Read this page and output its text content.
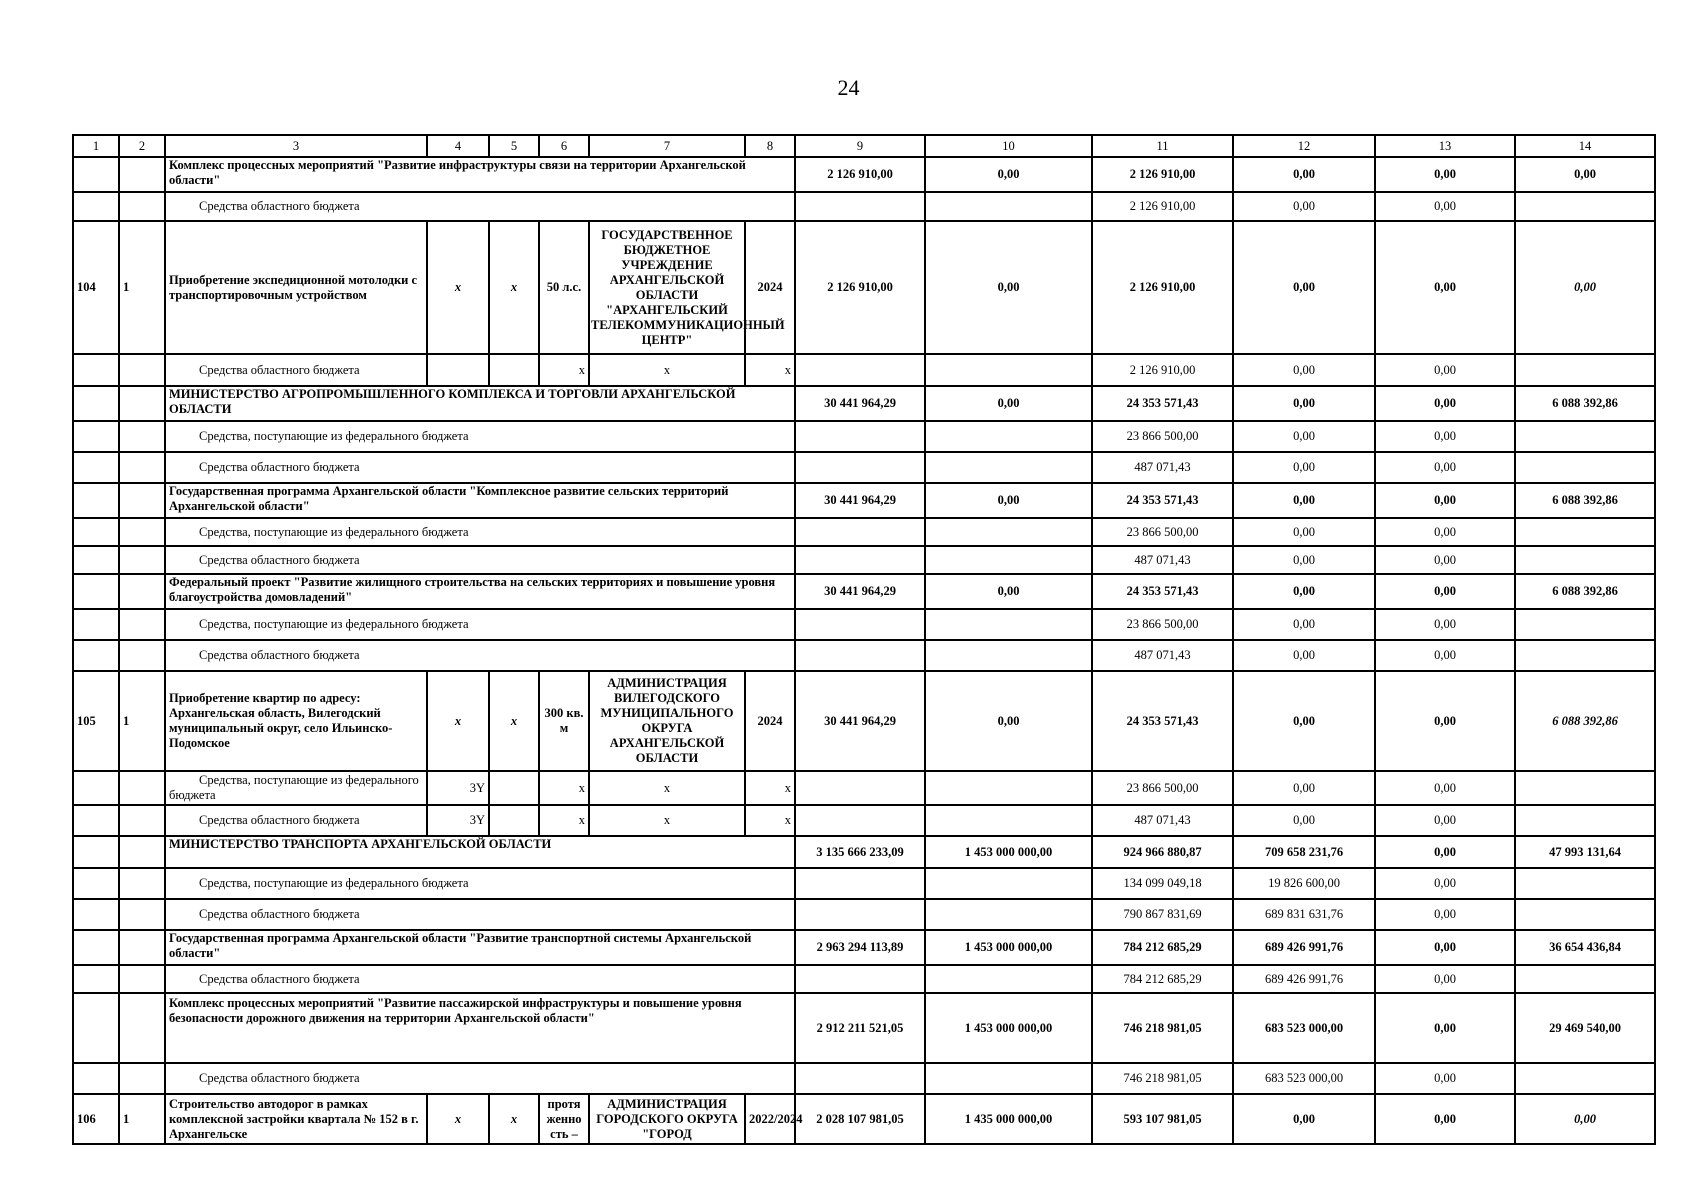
24
1	2	3	4	5	6	7	8	9	10	11	12	13	14
		Комплекс процессных мероприятий "Развитие инфраструктуры связи на территории Архангельской области"						2 126 910,00	0,00	2 126 910,00	0,00	0,00	0,00
		Средства областного бюджета								2 126 910,00	0,00	0,00	
104	1	Приобретение экспедиционной мотолодки с транспортировочным устройством	x	x	50 л.с.	ГОСУДАРСТВЕННОЕ БЮДЖЕТНОЕ УЧРЕЖДЕНИЕ АРХАНГЕЛЬСКОЙ ОБЛАСТИ "АРХАНГЕЛЬСКИЙ ТЕЛЕКОММУНИКАЦИОННЫЙ ЦЕНТР"	2024	2 126 910,00	0,00	2 126 910,00	0,00	0,00	0,00
		Средства областного бюджета			x	x	x			2 126 910,00	0,00	0,00	
		МИНИСТЕРСТВО АГРОПРОМЫШЛЕННОГО КОМПЛЕКСА И ТОРГОВЛИ АРХАНГЕЛЬСКОЙ ОБЛАСТИ						30 441 964,29	0,00	24 353 571,43	0,00	0,00	6 088 392,86
		Средства, поступающие из федерального бюджета								23 866 500,00	0,00	0,00	
		Средства областного бюджета								487 071,43	0,00	0,00	
		Государственная программа Архангельской области "Комплексное развитие сельских территорий Архангельской области"						30 441 964,29	0,00	24 353 571,43	0,00	0,00	6 088 392,86
		Средства, поступающие из федерального бюджета								23 866 500,00	0,00	0,00	
		Средства областного бюджета								487 071,43	0,00	0,00	
		Федеральный проект "Развитие жилищного строительства на сельских территориях и повышение уровня благоустройства домовладений"						30 441 964,29	0,00	24 353 571,43	0,00	0,00	6 088 392,86
		Средства, поступающие из федерального бюджета								23 866 500,00	0,00	0,00	
		Средства областного бюджета								487 071,43	0,00	0,00	
105	1	Приобретение квартир по адресу: Архангельская область, Вилегодский муниципальный округ, село Ильинско-Подомское	x	x	300 кв. м	АДМИНИСТРАЦИЯ ВИЛЕГОДСКОГО МУНИЦИПАЛЬНОГО ОКРУГА АРХАНГЕЛЬСКОЙ ОБЛАСТИ	2024	30 441 964,29	0,00	24 353 571,43	0,00	0,00	6 088 392,86
		Средства, поступающие из федерального бюджета	3Y		x	x	x			23 866 500,00	0,00	0,00	
		Средства областного бюджета	3Y		x	x	x			487 071,43	0,00	0,00	
		МИНИСТЕРСТВО ТРАНСПОРТА АРХАНГЕЛЬСКОЙ ОБЛАСТИ						3 135 666 233,09	1 453 000 000,00	924 966 880,87	709 658 231,76	0,00	47 993 131,64
		Средства, поступающие из федерального бюджета								134 099 049,18	19 826 600,00	0,00	
		Средства областного бюджета								790 867 831,69	689 831 631,76	0,00	
		Государственная программа Архангельской области "Развитие транспортной системы Архангельской области"						2 963 294 113,89	1 453 000 000,00	784 212 685,29	689 426 991,76	0,00	36 654 436,84
		Средства областного бюджета								784 212 685,29	689 426 991,76	0,00	
		Комплекс процессных мероприятий "Развитие пассажирской инфраструктуры и повышение уровня безопасности дорожного движения на территории Архангельской области"						2 912 211 521,05	1 453 000 000,00	746 218 981,05	683 523 000,00	0,00	29 469 540,00
		Средства областного бюджета								746 218 981,05	683 523 000,00	0,00	
106	1	Строительство автодорог в рамках комплексной застройки квартала № 152 в г. Архангельске	x	x	протя женно сть –	АДМИНИСТРАЦИЯ ГОРОДСКОГО ОКРУГА "ГОРОД	2022/2024	2 028 107 981,05	1 435 000 000,00	593 107 981,05	0,00	0,00	0,00
